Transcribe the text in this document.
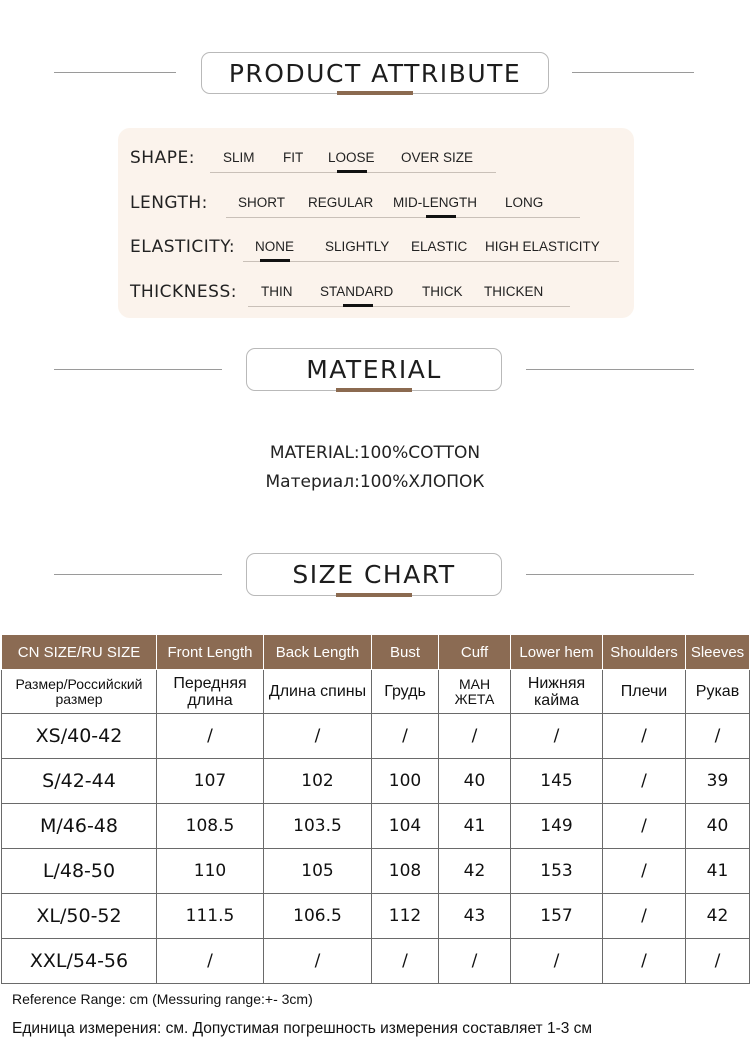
PRODUCT ATTRIBUTE
SHAPE: SLIM FIT LOOSE OVER SIZE
LENGTH: SHORT REGULAR MID-LENGTH LONG
ELASTICITY: NONE SLIGHTLY ELASTIC HIGH ELASTICITY
THICKNESS: THIN STANDARD THICK THICKEN
MATERIAL
MATERIAL:100%COTTON
Материал:100%ХЛОПОК
SIZE CHART
CN SIZE/RU SIZE	Front Length	Back Length	Bust	Cuff	Lower hem	Shoulders	Sleeves
Размер/Российский размер	Передняя длина	Длина спины	Грудь	МАН ЖЕТА	Нижняя кайма	Плечи	Рукав
XS/40-42	/	/	/	/	/	/	/
S/42-44	107	102	100	40	145	/	39
M/46-48	108.5	103.5	104	41	149	/	40
L/48-50	110	105	108	42	153	/	41
XL/50-52	111.5	106.5	112	43	157	/	42
XXL/54-56	/	/	/	/	/	/	/
Reference Range: cm (Messuring range:+- 3cm)
Единица измерения: см. Допустимая погрешность измерения составляет 1-3 см
